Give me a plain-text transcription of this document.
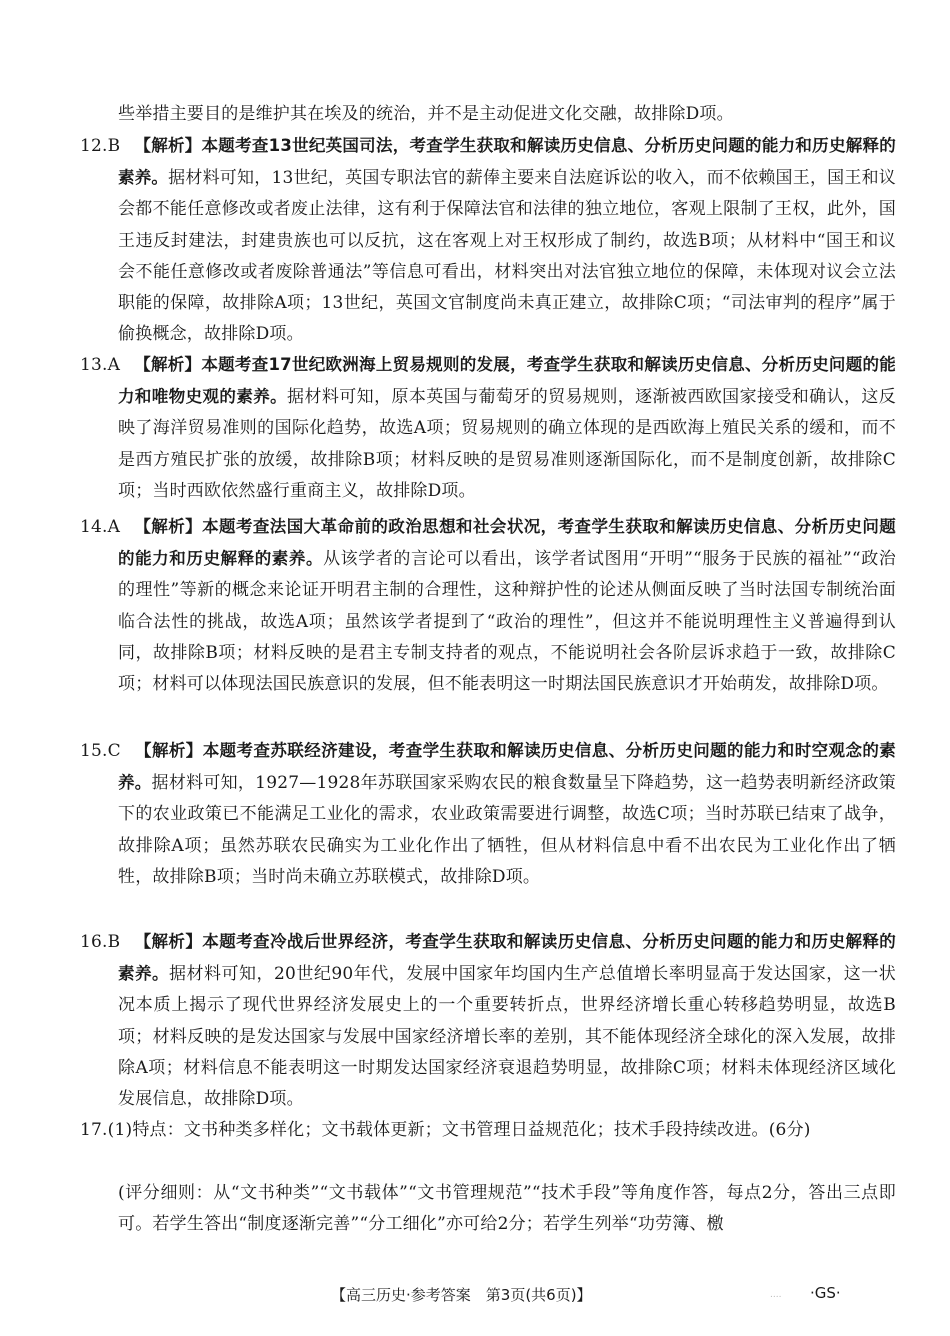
些举措主要目的是维护其在埃及的统治，并不是主动促进文化交融，故排除D项。
12.B 【解析】本题考查13世纪英国司法，考查学生获取和解读历史信息、分析历史问题的能力和历史解释的素养。据材料可知，13世纪，英国专职法官的薪俸主要来自法庭诉讼的收入，而不依赖国王，国王和议会都不能任意修改或者废止法律，这有利于保障法官和法律的独立地位，客观上限制了王权，此外，国王违反封建法，封建贵族也可以反抗，这在客观上对王权形成了制约，故选B项；从材料中“国王和议会不能任意修改或者废除普通法”等信息可看出，材料突出对法官独立地位的保障，未体现对议会立法职能的保障，故排除A项；13世纪，英国文官制度尚未真正建立，故排除C项；“司法审判的程序”属于偷换概念，故排除D项。
13.A 【解析】本题考查17世纪欧洲海上贸易规则的发展，考查学生获取和解读历史信息、分析历史问题的能力和唯物史观的素养。据材料可知，原本英国与葡萄牙的贸易规则，逐渐被西欧国家接受和确认，这反映了海洋贸易准则的国际化趋势，故选A项；贸易规则的确立体现的是西欧海上殖民关系的缓和，而不是西方殖民扩张的放缓，故排除B项；材料反映的是贸易准则逐渐国际化，而不是制度创新，故排除C项；当时西欧依然盛行重商主义，故排除D项。
14.A 【解析】本题考查法国大革命前的政治思想和社会状况，考查学生获取和解读历史信息、分析历史问题的能力和历史解释的素养。从该学者的言论可以看出，该学者试图用“开明”“服务于民族的福祉”“政治的理性”等新的概念来论证开明君主制的合理性，这种辩护性的论述从侧面反映了当时法国专制统治面临合法性的挑战，故选A项；虽然该学者提到了“政治的理性”，但这并不能说明理性主义普遍得到认同，故排除B项；材料反映的是君主专制支持者的观点，不能说明社会各阶层诉求趋于一致，故排除C项；材料可以体现法国民族意识的发展，但不能表明这一时期法国民族意识才开始萌发，故排除D项。
15.C 【解析】本题考查苏联经济建设，考查学生获取和解读历史信息、分析历史问题的能力和时空观念的素养。据材料可知，1927—1928年苏联国家采购农民的粮食数量呈下降趋势，这一趋势表明新经济政策下的农业政策已不能满足工业化的需求，农业政策需要进行调整，故选C项；当时苏联已结束了战争，故排除A项；虽然苏联农民确实为工业化作出了牺牲，但从材料信息中看不出农民为工业化作出了牺牲，故排除B项；当时尚未确立苏联模式，故排除D项。
16.B 【解析】本题考查冷战后世界经济，考查学生获取和解读历史信息、分析历史问题的能力和历史解释的素养。据材料可知，20世纪90年代，发展中国家年均国内生产总值增长率明显高于发达国家，这一状况本质上揭示了现代世界经济发展史上的一个重要转折点，世界经济增长重心转移趋势明显，故选B项；材料反映的是发达国家与发展中国家经济增长率的差别，其不能体现经济全球化的深入发展，故排除A项；材料信息不能表明这一时期发达国家经济衰退趋势明显，故排除C项；材料未体现经济区域化发展信息，故排除D项。
17.(1)特点：文书种类多样化；文书载体更新；文书管理日益规范化；技术手段持续改进。(6分)
(评分细则：从“文书种类”“文书载体”“文书管理规范”“技术手段”等角度作答，每点2分，答出三点即可。若学生答出“制度逐渐完善”“分工细化”亦可给2分；若学生列举“功劳簿、檄
【高三历史·参考答案　第3页(共6页)】	.... ·GS·
